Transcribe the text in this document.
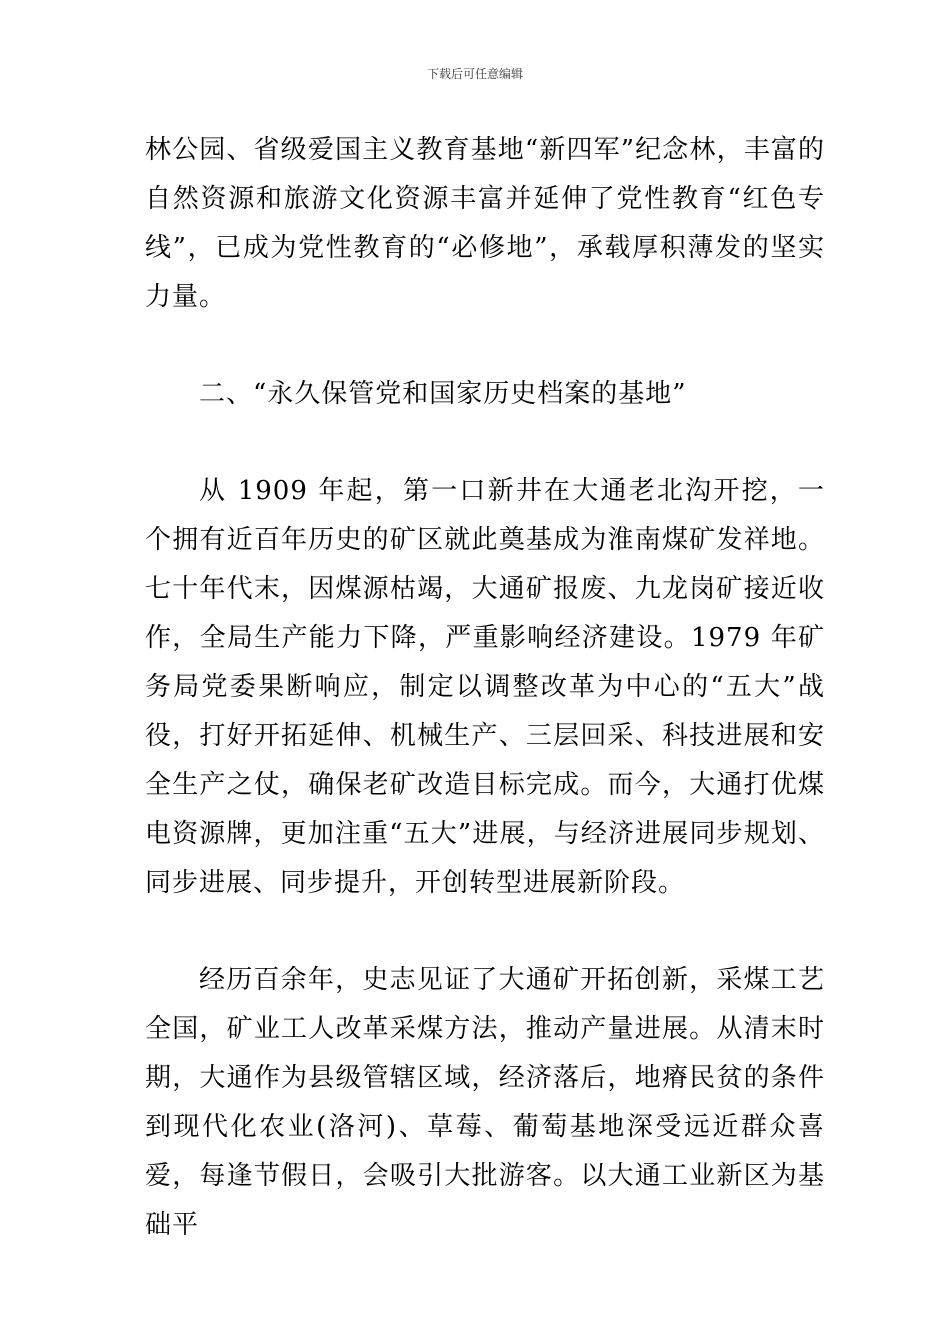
下载后可任意编辑

林公园、省级爱国主义教育基地“新四军”纪念林，丰富的自然资源和旅游文化资源丰富并延伸了党性教育“红色专线”，已成为党性教育的“必修地”，承载厚积薄发的坚实力量。

二、“永久保管党和国家历史档案的基地”

从 1909 年起，第一口新井在大通老北沟开挖，一个拥有近百年历史的矿区就此奠基成为淮南煤矿发祥地。七十年代末，因煤源枯竭，大通矿报废、九龙岗矿接近收作，全局生产能力下降，严重影响经济建设。1979 年矿务局党委果断响应，制定以调整改革为中心的“五大”战役，打好开拓延伸、机械生产、三层回采、科技进展和安全生产之仗，确保老矿改造目标完成。而今，大通打优煤电资源牌，更加注重“五大”进展，与经济进展同步规划、同步进展、同步提升，开创转型进展新阶段。

经历百余年，史志见证了大通矿开拓创新，采煤工艺全国，矿业工人改革采煤方法，推动产量进展。从清末时期，大通作为县级管辖区域，经济落后，地瘠民贫的条件到现代化农业(洛河)、草莓、葡萄基地深受远近群众喜爱，每逢节假日，会吸引大批游客。以大通工业新区为基础平
